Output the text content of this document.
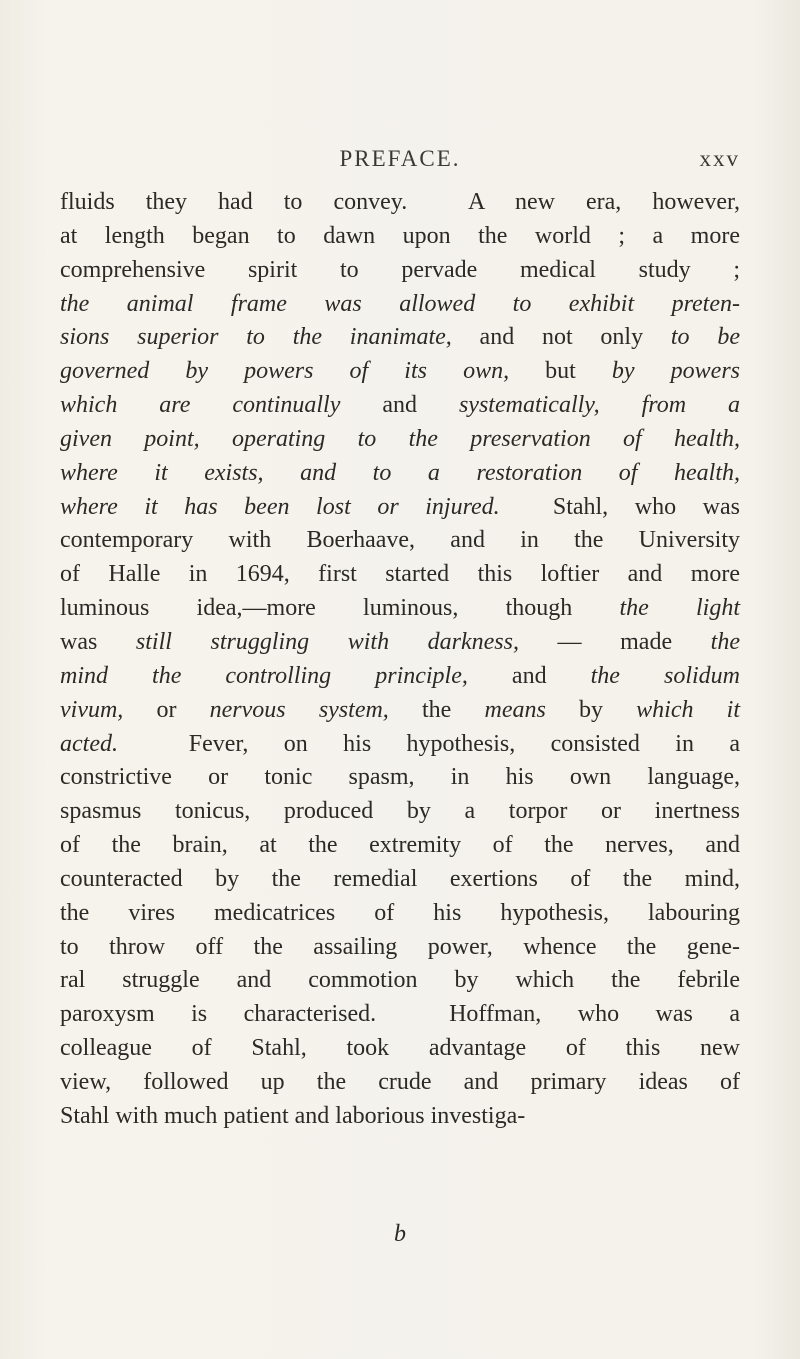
PREFACE.	xxv
fluids they had to convey.  A new era, however,
at length began to dawn upon the world ; a more
comprehensive spirit to pervade medical study ;
the animal frame was allowed to exhibit preten-
sions superior to the inanimate, and not only to be
governed by powers of its own, but by powers
which are continually and systematically, from a
given point, operating to the preservation of health,
where it exists, and to a restoration of health,
where it has been lost or injured.  Stahl, who was
contemporary with Boerhaave, and in the University
of Halle in 1694, first started this loftier and more
luminous idea,—more luminous, though the light
was still struggling with darkness, — made the
mind the controlling principle, and the solidum
vivum, or nervous system, the means by which it
acted.  Fever, on his hypothesis, consisted in a
constrictive or tonic spasm, in his own language,
spasmus tonicus, produced by a torpor or inertness
of the brain, at the extremity of the nerves, and
counteracted by the remedial exertions of the mind,
the vires medicatrices of his hypothesis, labouring
to throw off the assailing power, whence the gene-
ral struggle and commotion by which the febrile
paroxysm is characterised.  Hoffman, who was a
colleague of Stahl, took advantage of this new
view, followed up the crude and primary ideas of
Stahl with much patient and laborious investiga-
b
